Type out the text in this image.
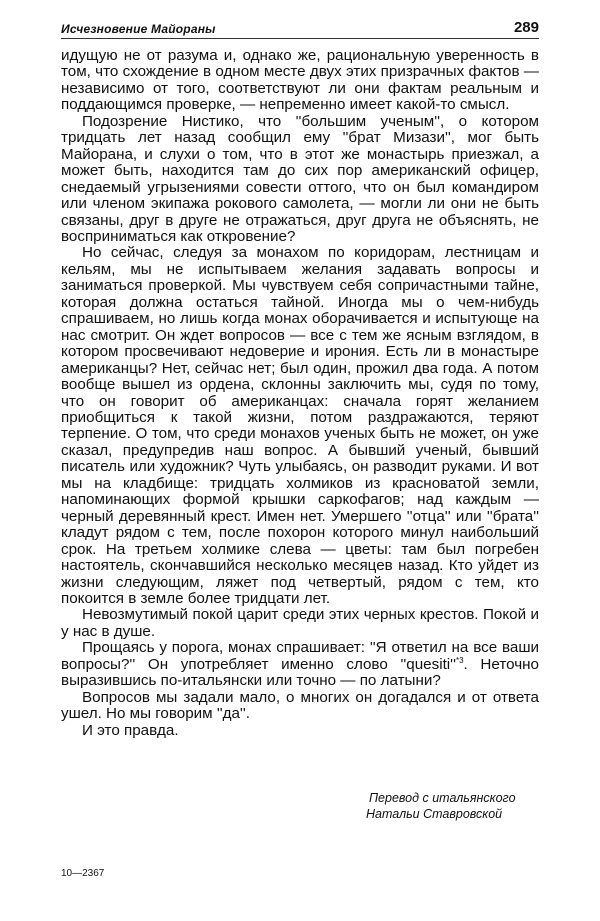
Исчезновение Майораны	289

идущую не от разума и, однако же, рациональную уверенность в том, что схождение в одном месте двух этих призрачных фактов — независимо от того, соответствуют ли они фактам реальным и поддающимся проверке, — непременно имеет какой-то смысл.

Подозрение Нистико, что ''большим ученым'', о котором тридцать лет назад сообщил ему ''брат Мизази'', мог быть Майорана, и слухи о том, что в этот же монастырь приезжал, а может быть, находится там до сих пор американский офицер, снедаемый угрызениями совести оттого, что он был командиром или членом экипажа рокового самолета, — могли ли они не быть связаны, друг в друге не отражаться, друг друга не объяснять, не восприниматься как откровение?

Но сейчас, следуя за монахом по коридорам, лестницам и кельям, мы не испытываем желания задавать вопросы и заниматься проверкой. Мы чувствуем себя сопричастными тайне, которая должна остаться тайной. Иногда мы о чем-нибудь спрашиваем, но лишь когда монах оборачивается и испытующе на нас смотрит. Он ждет вопросов — все с тем же ясным взглядом, в котором просвечивают недоверие и ирония. Есть ли в монастыре американцы? Нет, сейчас нет; был один, прожил два года. А потом вообще вышел из ордена, склонны заключить мы, судя по тому, что он говорит об американцах: сначала горят желанием приобщиться к такой жизни, потом раздражаются, теряют терпение. О том, что среди монахов ученых быть не может, он уже сказал, предупредив наш вопрос. А бывший ученый, бывший писатель или художник? Чуть улыбаясь, он разводит руками. И вот мы на кладбище: тридцать холмиков из красноватой земли, напоминающих формой крышки саркофагов; над каждым — черный деревянный крест. Имен нет. Умершего ''отца'' или ''брата'' кладут рядом с тем, после похорон которого минул наибольший срок. На третьем холмике слева — цветы: там был погребен настоятель, скончавшийся несколько месяцев назад. Кто уйдет из жизни следующим, ляжет под четвертый, рядом с тем, кто покоится в земле более тридцати лет.

Невозмутимый покой царит среди этих черных крестов. Покой и у нас в душе.

Прощаясь у порога, монах спрашивает: ''Я ответил на все ваши вопросы?'' Он употребляет именно слово ''$quesiti''^{*3}$. Неточно выразившись по-итальянски или точно — по латыни?

Вопросов мы задали мало, о многих он догадался и от ответа ушел. Но мы говорим ''да''.

И это правда.

Перевод с итальянского
Натальи Ставровской
10—2367
